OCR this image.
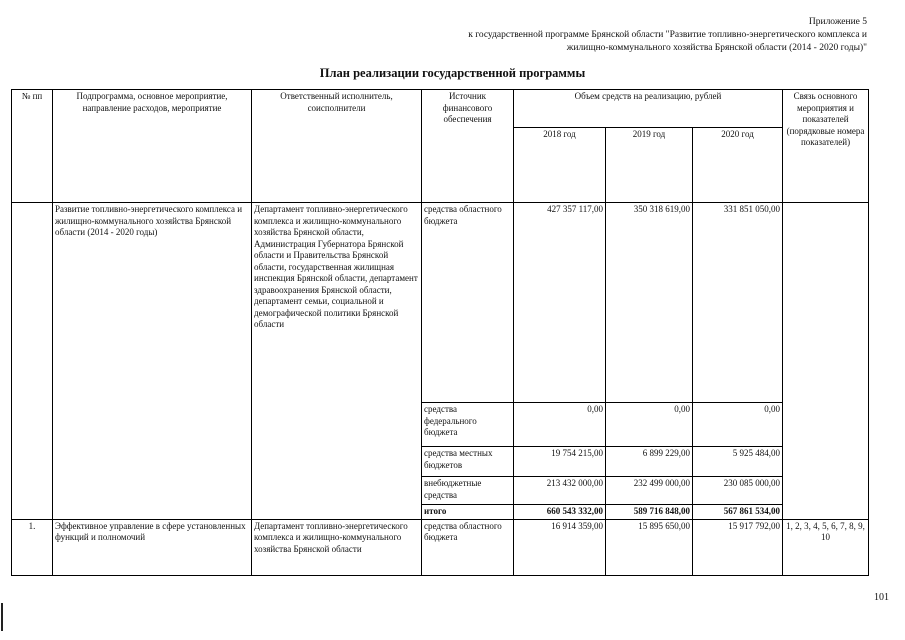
Приложение 5
к государственной программе Брянской области "Развитие топливно-энергетического комплекса и
жилищно-коммунального хозяйства Брянской области (2014 - 2020 годы)"
План реализации государственной программы
№ пп	Подпрограмма, основное мероприятие, направление расходов, мероприятие	Ответственный исполнитель, соисполнители	Источник финансового обеспечения	Объем средств на реализацию, рублей			Связь основного мероприятия и показателей (порядковые номера показателей)
				2018 год	2019 год	2020 год	
	Развитие топливно-энергетического комплекса и жилищно-коммунального хозяйства Брянской области (2014 - 2020 годы)	Департамент топливно-энергетического комплекса и жилищно-коммунального хозяйства Брянской области, Администрация Губернатора Брянской области и Правительства Брянской области, государственная жилищная инспекция Брянской области, департамент здравоохранения Брянской области, департамент семьи, социальной и демографической политики Брянской области	средства областного бюджета	427 357 117,00	350 318 619,00	331 851 050,00	
			средства федерального бюджета	0,00	0,00	0,00	
			средства местных бюджетов	19 754 215,00	6 899 229,00	5 925 484,00	
			внебюджетные средства	213 432 000,00	232 499 000,00	230 085 000,00	
			итого	660 543 332,00	589 716 848,00	567 861 534,00	
1.	Эффективное управление в сфере установленных функций и полномочий	Департамент топливно-энергетического комплекса и жилищно-коммунального хозяйства Брянской области	средства областного бюджета	16 914 359,00	15 895 650,00	15 917 792,00	1, 2, 3, 4, 5, 6, 7, 8, 9, 10
101
